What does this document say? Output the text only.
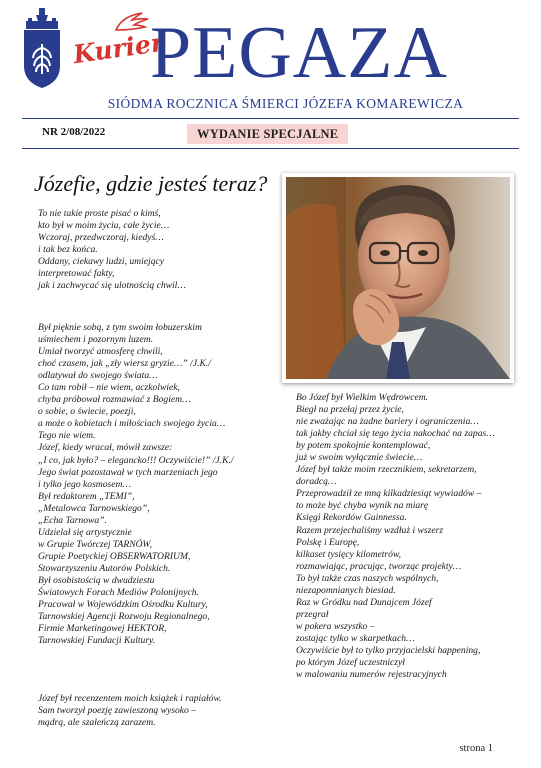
Kurier
PEGAZA
SIÓDMA ROCZNICA ŚMIERCI JÓZEFA KOMAREWICZA
NR 2/08/2022	WYDANIE SPECJALNE
Józefie, gdzie jesteś teraz?
To nie takie proste pisać o kimś,
kto był w moim życiu, całe życie…
Wczoraj, przedwczoraj, kiedyś…
i tak bez końca.
Oddany, ciekawy ludzi, umiejący
interpretować fakty,
jak i zachwycać się ulotnością chwil…
Był pięknie sobą, z tym swoim łobuzerskim
uśmiechem i pozornym luzem.
Umiał tworzyć atmosferę chwili,
choć czasem, jak „zły wiersz gryzie…” /J.K./
odlatywał do swojego świata…
Co tam robił – nie wiem, aczkolwiek,
chyba próbował rozmawiać z Bogiem…
o sobie, o świecie, poezji,
a może o kobietach i miłościach swojego życia…
Tego nie wiem.
Józef, kiedy wracał, mówił zawsze:
„I co, jak było? – elegancko!!! Oczywiście!” /J.K./
Jego świat pozostawał w tych marzeniach jego
i tylko jego kosmosem…
Był redaktorem „TEMI”,
„Metalowca Tarnowskiego”,
„Echa Tarnowa”.
Udzielał się artystycznie
w Grupie Twórczej TARNÓW,
Grupie Poetyckiej OBSERWATORIUM,
Stowarzyszeniu Autorów Polskich.
Był osobistością w dwudziestu
Światowych Forach Mediów Polonijnych.
Pracował w Wojewódzkim Ośrodku Kultury,
Tarnowskiej Agencji Rozwoju Regionalnego,
Firmie Marketingowej HEKTOR,
Tarnowskiej Fundacji Kultury.
Józef był recenzentem moich książek i rapiałów.
Sam tworzył poezję zawieszoną wysoko –
mądrą, ale szaleńczą zarazem.
Bo Józef był Wielkim Wędrowcem.
Biegł na przełaj przez życie,
nie zważając na żadne bariery i ograniczenia…
tak jakby chciał się tego życia nakochać na zapas…
by potem spokojnie kontemplować,
już w swoim wyłącznie świecie…
Józef był także moim rzecznikiem, sekretarzem,
doradcą…
Przeprowadził ze mną kilkadziesiąt wywiadów –
to może być chyba wynik na miarę
Księgi Rekordów Guinnessa.
Razem przejechaliśmy wzdłuż i wszerz
Polskę i Europę,
kilkaset tysięcy kilometrów,
rozmawiając, pracując, tworząc projekty…
To był także czas naszych wspólnych,
niezapomnianych biesiad.
Raz w Gródku nad Dunajcem Józef
przegrał
w pokera wszystko –
zostając tylko w skarpetkach…
Oczywiście był to tylko przyjacielski happening,
po którym Józef uczestniczył
w malowaniu numerów rejestracyjnych
strona 1
